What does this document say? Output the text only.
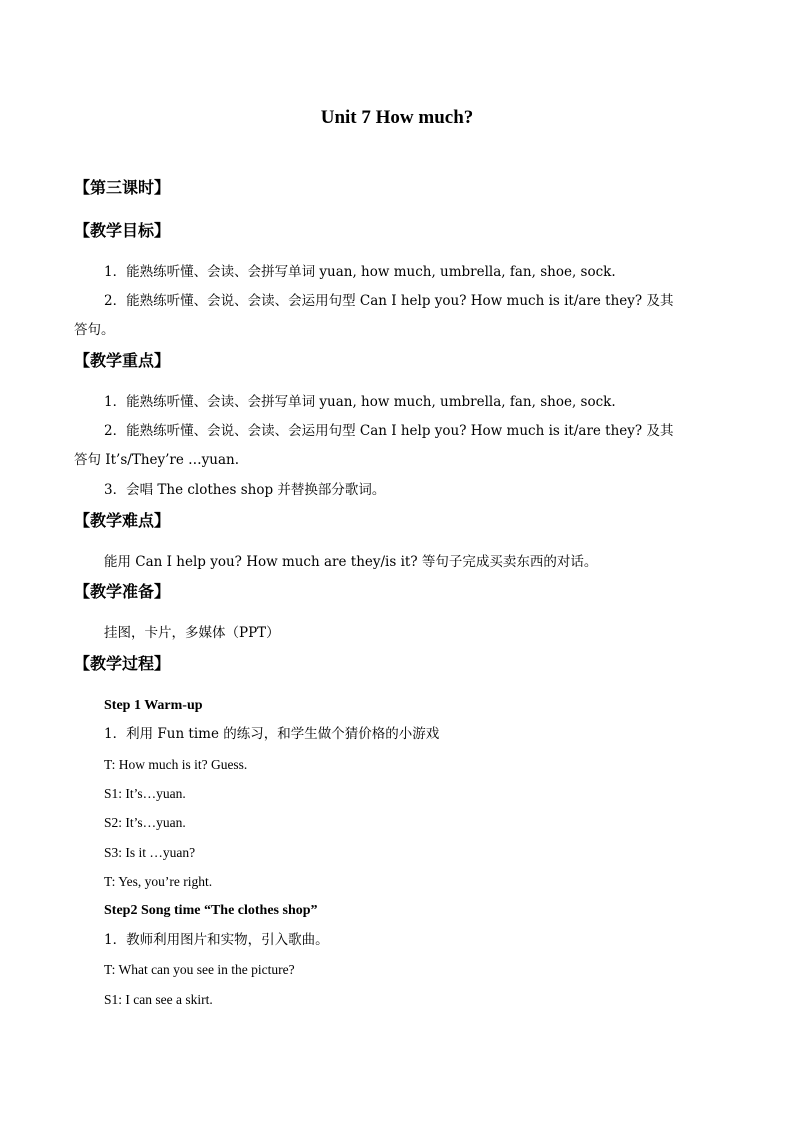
Unit 7 How much?
【第三课时】
【教学目标】
1．能熟练听懂、会读、会拼写单词 yuan, how much, umbrella, fan, shoe, sock.
2．能熟练听懂、会说、会读、会运用句型 Can I help you? How much is it/are they? 及其
答句。
【教学重点】
1．能熟练听懂、会读、会拼写单词 yuan, how much, umbrella, fan, shoe, sock.
2．能熟练听懂、会说、会读、会运用句型 Can I help you? How much is it/are they? 及其
答句 It’s/They’re …yuan.
3．会唱 The clothes shop 并替换部分歌词。
【教学难点】
能用 Can I help you? How much are they/is it? 等句子完成买卖东西的对话。
【教学准备】
挂图，卡片，多媒体（PPT）
【教学过程】
Step 1 Warm-up
1．利用 Fun time 的练习，和学生做个猜价格的小游戏
T: How much is it? Guess.
S1: It’s…yuan.
S2: It’s…yuan.
S3: Is it …yuan?
T: Yes, you’re right.
Step2 Song time “The clothes shop”
1．教师利用图片和实物，引入歌曲。
T: What can you see in the picture?
S1: I can see a skirt.
